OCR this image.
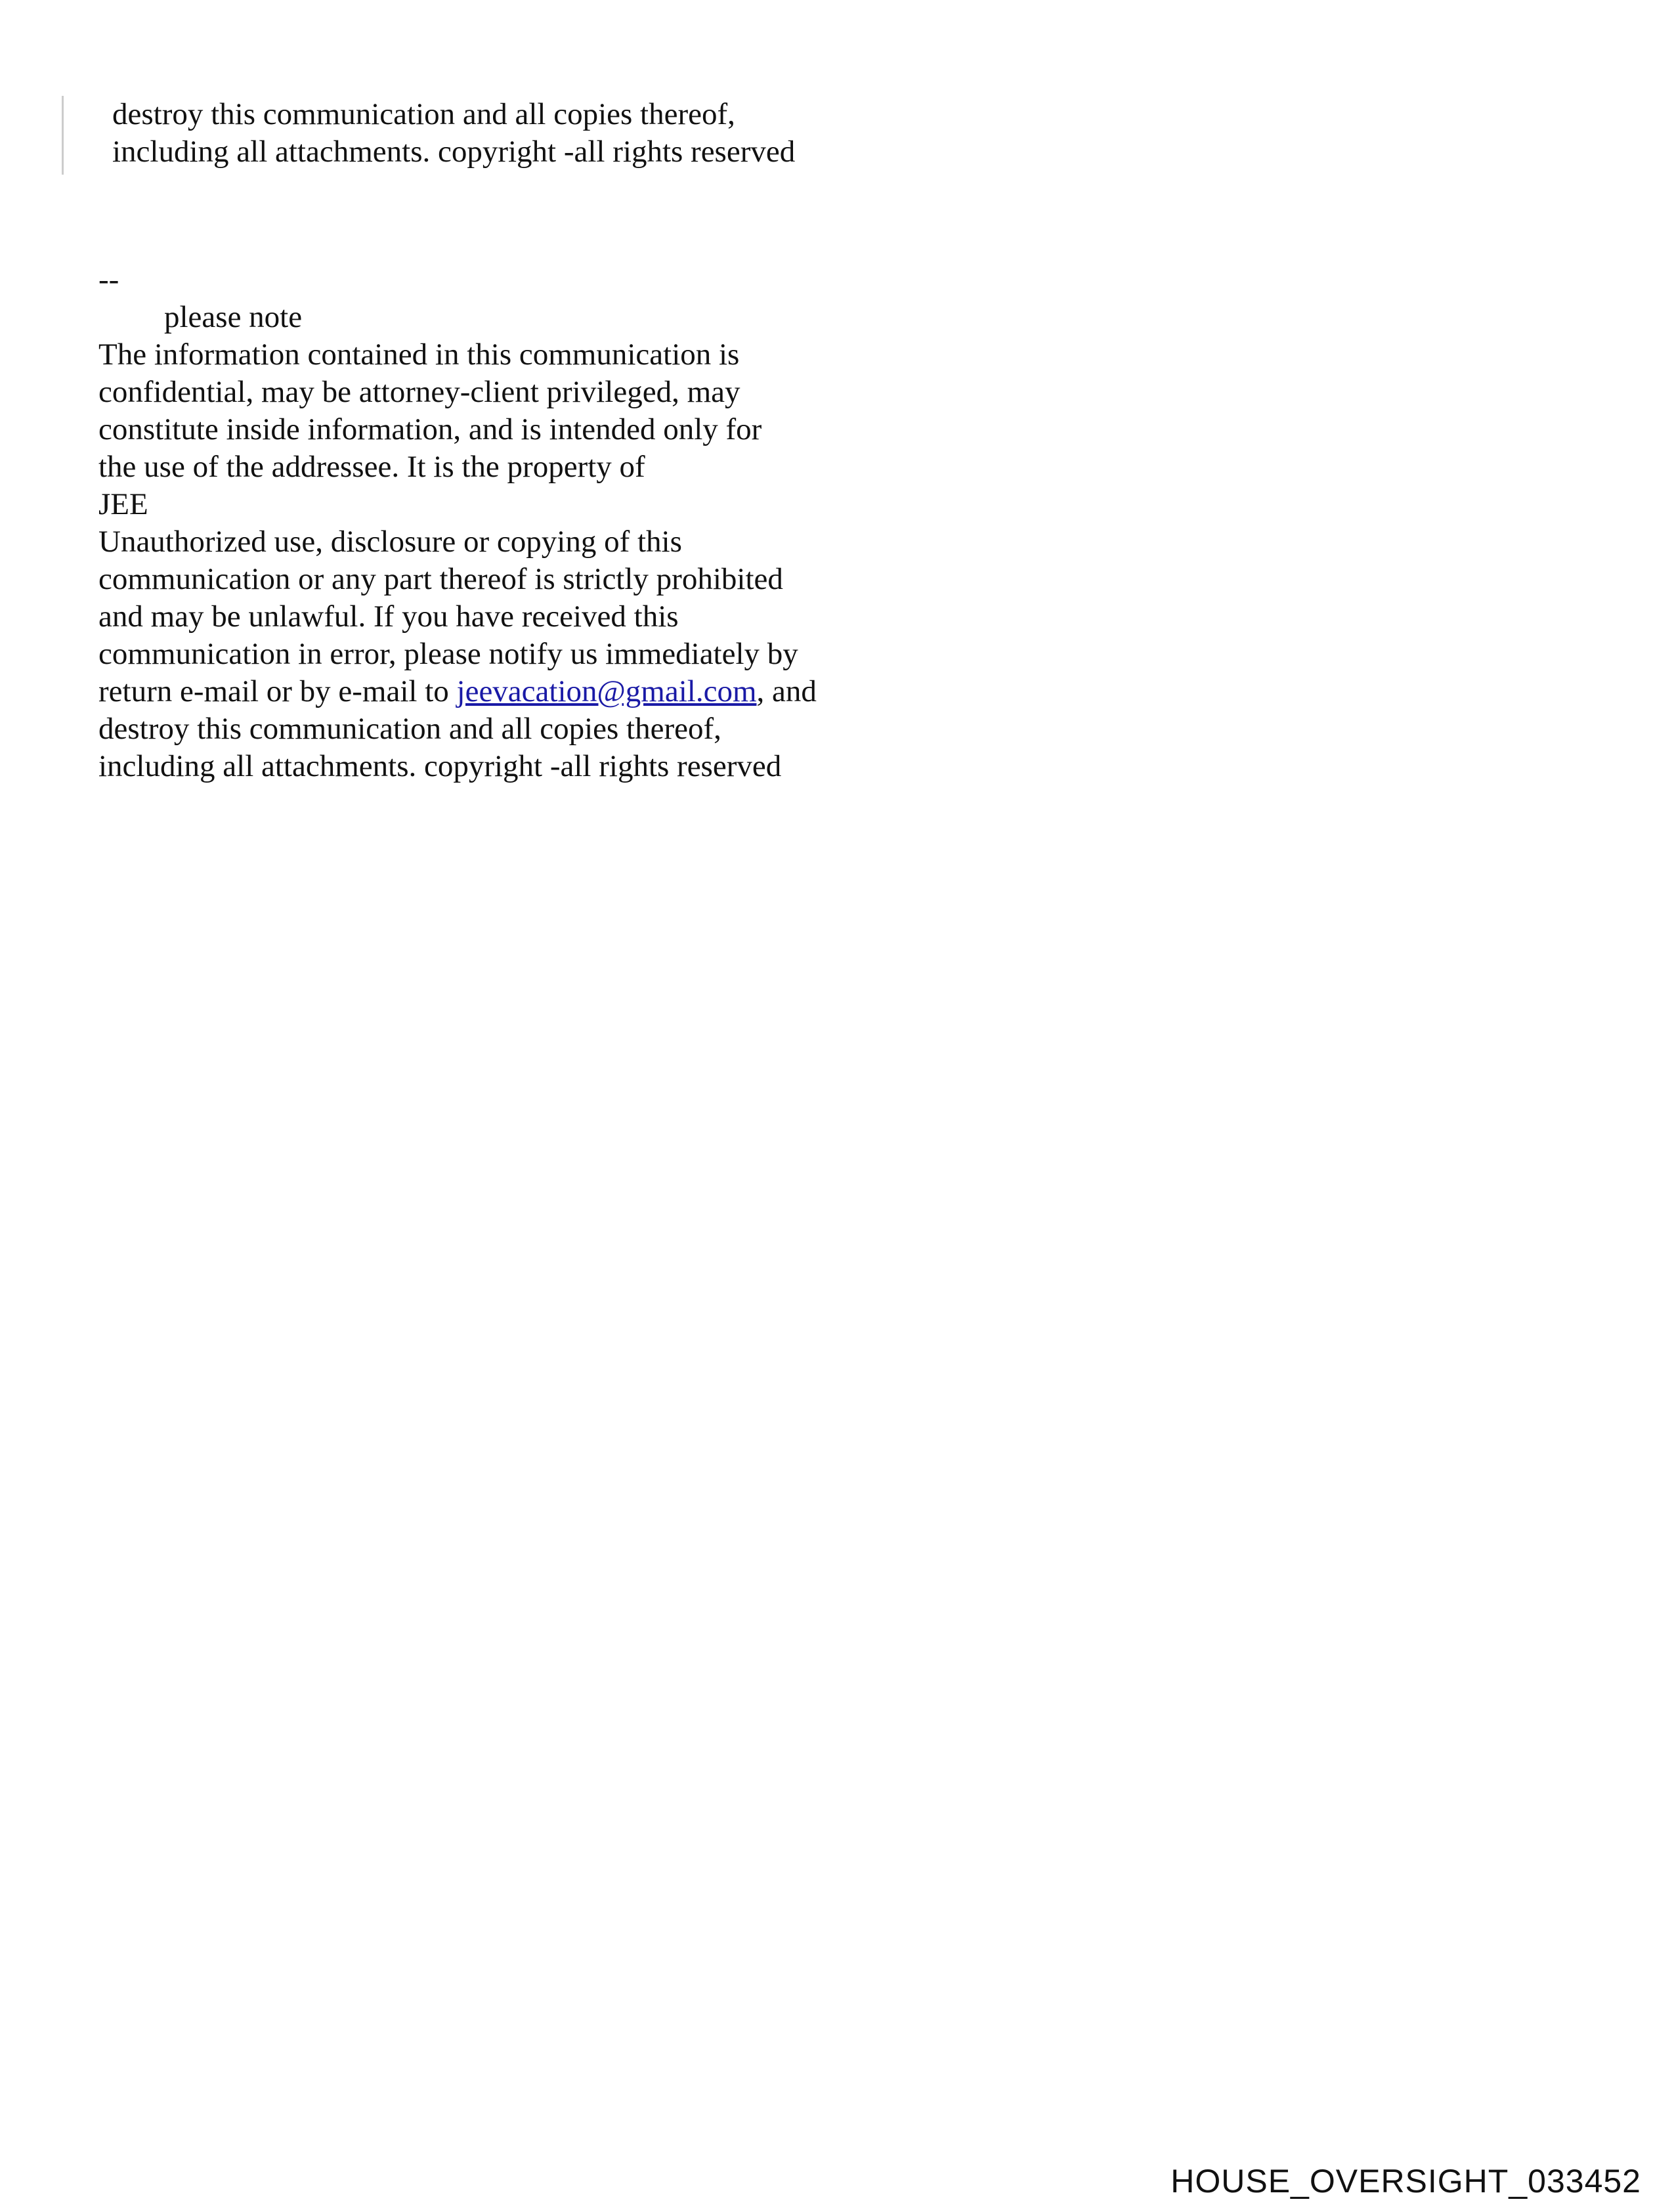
destroy this communication and all copies thereof,
including all attachments. copyright -all rights reserved
--
please note
The information contained in this communication is
confidential, may be attorney-client privileged, may
constitute inside information, and is intended only for
the use of the addressee. It is the property of
JEE
Unauthorized use, disclosure or copying of this
communication or any part thereof is strictly prohibited
and may be unlawful. If you have received this
communication in error, please notify us immediately by
return e-mail or by e-mail to jeevacation@gmail.com, and
destroy this communication and all copies thereof,
including all attachments. copyright -all rights reserved
HOUSE_OVERSIGHT_033452
